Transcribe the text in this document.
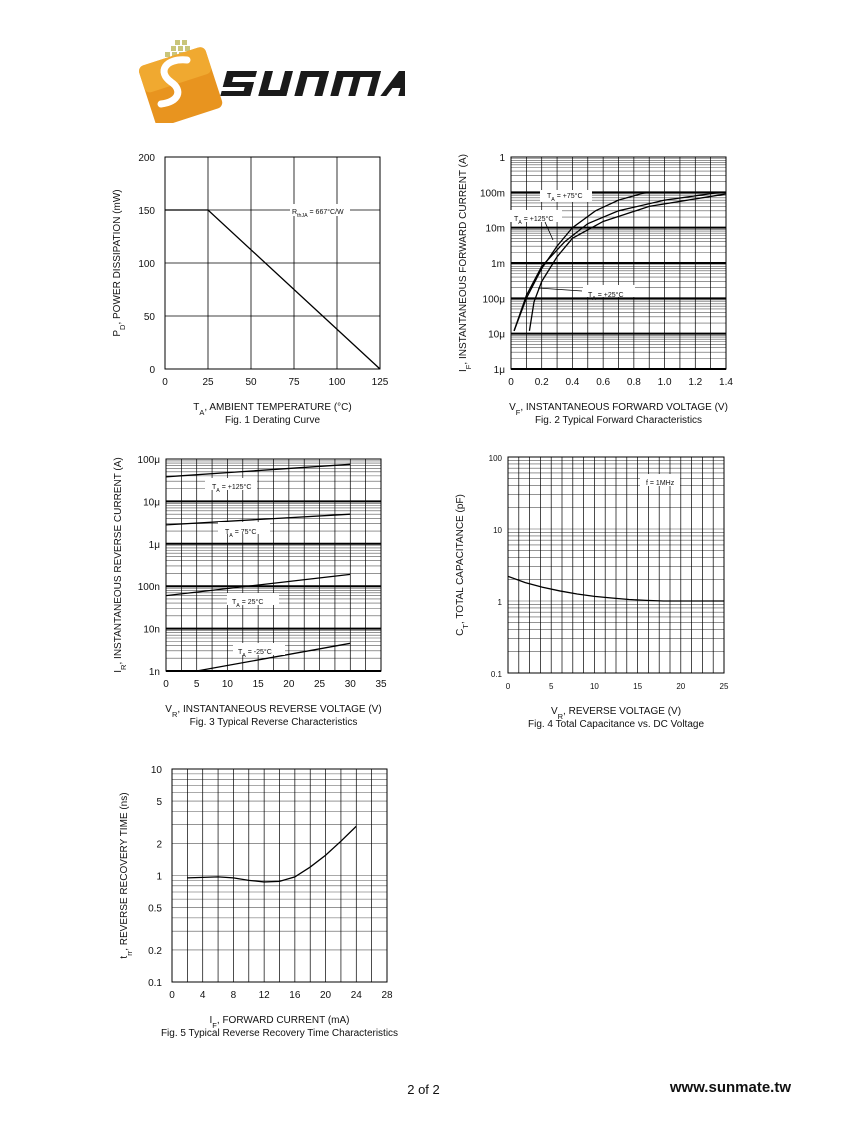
0	25	50	75	100	125
0
50
100
150
200
$R_{thJA} = 667^\circ C/W$
$T_A$, AMBIENT TEMPERATURE (°C)
$P_D$, POWER DISSIPATION (mW)
Fig. 1 Derating Curve
0 0.2 0.4 0.6 0.8 1.0 1.2 1.4
1μ
10μ
100μ
1m
10m
100m
1
$T_A = +75^\circ C$
$T_A = +125^\circ C$
$T_A = +25^\circ C$
$V_F$, INSTANTANEOUS FORWARD VOLTAGE (V)
$I_F$, INSTANTANEOUS FORWARD CURRENT (A)
Fig. 2 Typical Forward Characteristics
0	5 10 15 20 25 30 35
1n
10n
100n
1μ
10μ
100μ
$T_A = +125^\circ C$
$T_A = 75^\circ C$
$T_A = 25^\circ C$
$T_A = -25^\circ C$
$V_R$, INSTANTANEOUS REVERSE VOLTAGE (V)
$I_R$, INSTANTANEOUS REVERSE CURRENT (A)
Fig. 3 Typical Reverse Characteristics
0	5	10	15	20	25
0.1
1
10
100
f = 1MHz
$V_R$, REVERSE VOLTAGE (V)
$C_T$, TOTAL CAPACITANCE (pF)
Fig. 4 Total Capacitance vs. DC Voltage
0	4	8 12 16 20 24 28
0.1
0.2
0.5
1
2
5
10
$I_F$, FORWARD CURRENT (mA)
$t_{rr}$, REVERSE RECOVERY TIME (ns)
Fig. 5 Typical Reverse Recovery Time Characteristics
2 of 2	www.sunmate.tw
